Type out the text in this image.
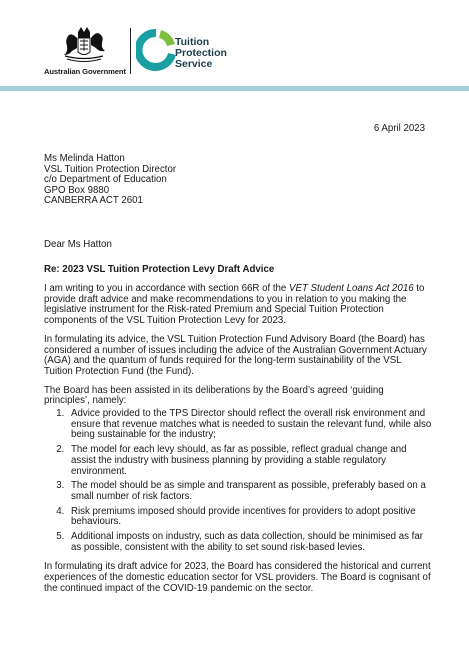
Australian Government
Tuition
Protection
Service
6 April 2023
Ms Melinda Hatton
VSL Tuition Protection Director
c/o Department of Education
GPO Box 9880
CANBERRA ACT 2601
Dear Ms Hatton
Re: 2023 VSL Tuition Protection Levy Draft Advice

I am writing to you in accordance with section 66R of the VET Student Loans Act 2016 to provide draft advice and make recommendations to you in relation to you making the legislative instrument for the Risk-rated Premium and Special Tuition Protection components of the VSL Tuition Protection Levy for 2023.

In formulating its advice, the VSL Tuition Protection Fund Advisory Board (the Board) has considered a number of issues including the advice of the Australian Government Actuary (AGA) and the quantum of funds required for the long-term sustainability of the VSL Tuition Protection Fund (the Fund).

The Board has been assisted in its deliberations by the Board’s agreed ‘guiding principles’, namely:

1. Advice provided to the TPS Director should reflect the overall risk environment and ensure that revenue matches what is needed to sustain the relevant fund, while also being sustainable for the industry;
2. The model for each levy should, as far as possible, reflect gradual change and assist the industry with business planning by providing a stable regulatory environment.
3. The model should be as simple and transparent as possible, preferably based on a small number of risk factors.
4. Risk premiums imposed should provide incentives for providers to adopt positive behaviours.
5. Additional imposts on industry, such as data collection, should be minimised as far as possible, consistent with the ability to set sound risk-based levies.

In formulating its draft advice for 2023, the Board has considered the historical and current experiences of the domestic education sector for VSL providers. The Board is cognisant of the continued impact of the COVID-19 pandemic on the sector.
